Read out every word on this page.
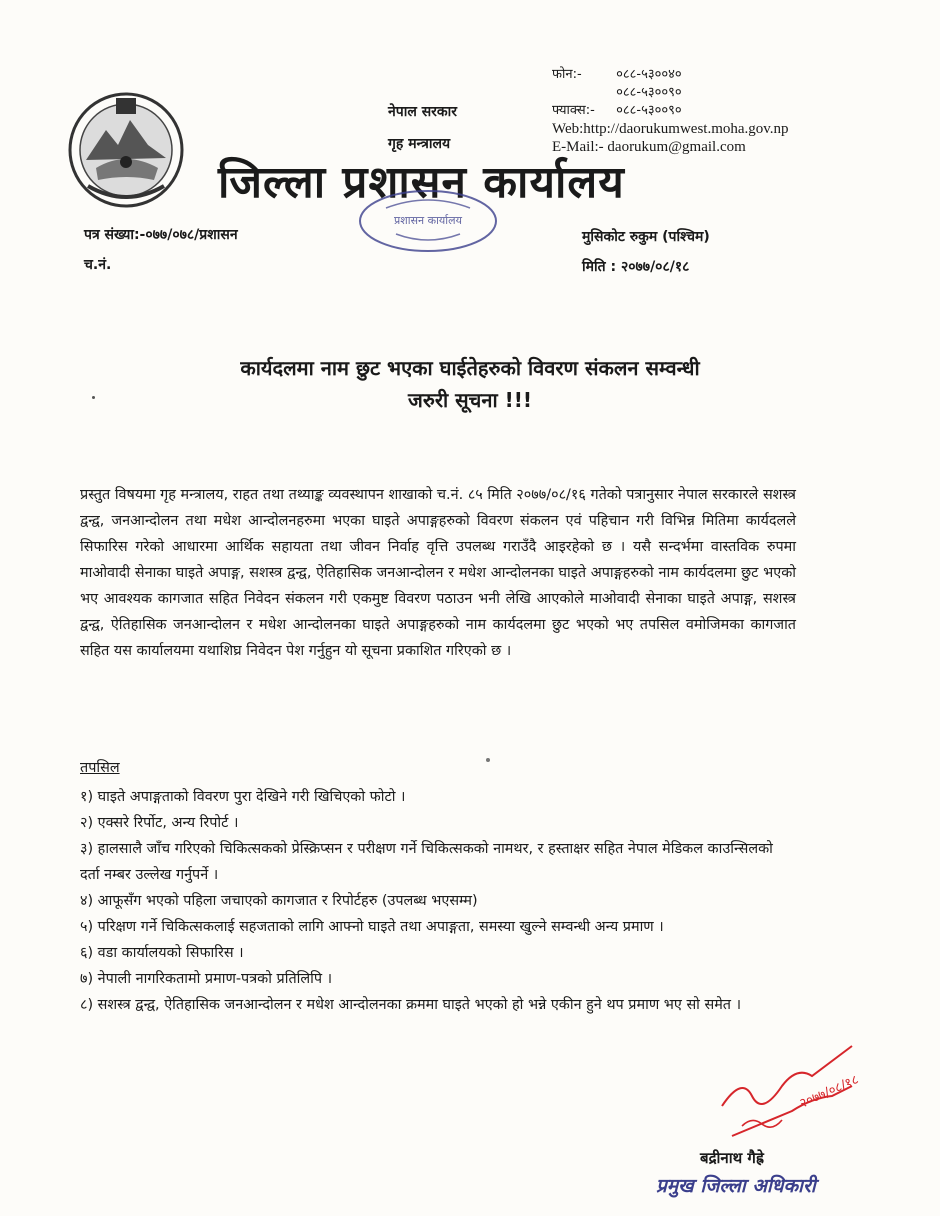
नेपाल सरकार
गृह मन्त्रालय
फोन:-	०८८-५३००४०
०८८-५३००९०
फ्याक्स:- ०८८-५३००९०
Web:http://daorukumwest.moha.gov.np
E-Mail:- daorukum@gmail.com
जिल्ला प्रशासन कार्यालय
प्रशासन कार्यालय
पत्र संख्या:-०७७/०७८/प्रशासन
च.नं.
मुसिकोट रुकुम (पश्चिम)
मिति : २०७७/०८/१८
कार्यदलमा नाम छुट भएका घाईतेहरुको विवरण संकलन सम्वन्धी
जरुरी सूचना !!!
प्रस्तुत विषयमा गृह मन्त्रालय, राहत तथा तथ्याङ्क व्यवस्थापन शाखाको च.नं. ८५ मिति २०७७/०८/१६ गतेको पत्रानुसार नेपाल सरकारले सशस्त्र द्वन्द्व, जनआन्दोलन तथा मधेश आन्दोलनहरुमा भएका घाइते अपाङ्गहरुको विवरण संकलन एवं पहिचान गरी विभिन्न मितिमा कार्यदलले सिफारिस गरेको आधारमा आर्थिक सहायता तथा जीवन निर्वाह वृत्ति उपलब्ध गराउँदै आइरहेको छ । यसै सन्दर्भमा वास्तविक रुपमा माओवादी सेनाका घाइते अपाङ्ग, सशस्त्र द्वन्द्व, ऐतिहासिक जनआन्दोलन र मधेश आन्दोलनका घाइते अपाङ्गहरुको नाम कार्यदलमा छुट भएको भए आवश्यक कागजात सहित निवेदन संकलन गरी एकमुष्ट विवरण पठाउन भनी लेखि आएकोले माओवादी सेनाका घाइते अपाङ्ग, सशस्त्र द्वन्द्व, ऐतिहासिक जनआन्दोलन र मधेश आन्दोलनका घाइते अपाङ्गहरुको नाम कार्यदलमा छुट भएको भए तपसिल वमोजिमका कागजात सहित यस कार्यालयमा यथाशिघ्र निवेदन पेश गर्नुहुन यो सूचना प्रकाशित गरिएको छ ।
तपसिल

१) घाइते अपाङ्गताको विवरण पुरा देखिने गरी खिचिएको फोटो ।

२) एक्सरे रिर्पोट, अन्य रिपोर्ट ।

३) हालसालै जाँच गरिएको चिकित्सकको प्रेस्क्रिप्सन र परीक्षण गर्ने चिकित्सकको नामथर, र हस्ताक्षर सहित नेपाल मेडिकल काउन्सिलको दर्ता नम्बर उल्लेख गर्नुपर्ने ।

४) आफूसँग भएको पहिला जचाएको कागजात र रिपोर्टहरु (उपलब्ध भएसम्म)

५) परिक्षण गर्ने चिकित्सकलाई सहजताको लागि आफ्नो घाइते तथा अपाङ्गता, समस्या खुल्ने सम्वन्धी अन्य प्रमाण ।

६) वडा कार्यालयको सिफारिस ।

७) नेपाली नागरिकतामो प्रमाण-पत्रको प्रतिलिपि ।

८) सशस्त्र द्वन्द्व, ऐतिहासिक जनआन्दोलन र मधेश आन्दोलनका क्रममा घाइते भएको हो भन्ने एकीन हुने थप प्रमाण भए सो समेत ।

२०७७/०८/१८
बद्रीनाथ गैह्रे
प्रमुख जिल्ला अधिकारी
